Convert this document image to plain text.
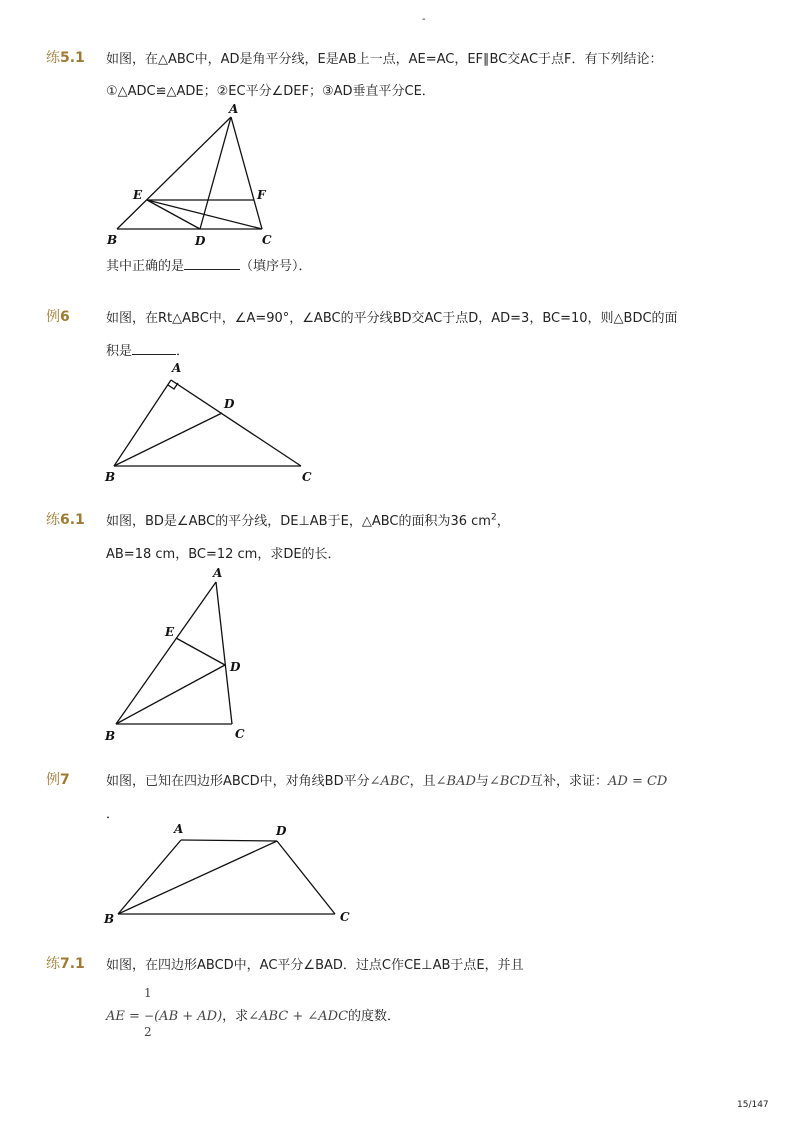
-
练5.1 如图，在△ABC中，AD是角平分线，E是AB上一点，AE=AC，EF∥BC交AC于点F．有下列结论：
①△ADC≌△ADE；②EC平分∠DEF；③AD垂直平分CE．
A
B	C
D
E	F
其中正确的是	（填序号）．
例6	如图，在Rt△ABC中，∠A=90°，∠ABC的平分线BD交AC于点D，AD=3，BC=10，则△BDC的面
积是	．
A
B	C
D
练6.1 如图，BD是∠ABC的平分线，DE⊥AB于E，△ABC的面积为36 $cm^2$，
AB=18 cm，BC=12 cm，求DE的长．
A
B	C
D
E
例7	如图，已知在四边形ABCD中，对角线BD平分∠ABC，且∠BAD与∠BCD互补，求证：AD = CD
．
A
B	C
D
练7.1 如图，在四边形ABCD中，AC平分∠BAD．过点C作CE⊥AB于点E，并且
1
AE = −(AB + AD)，求∠ABC + ∠ADC的度数．
2
15/147
